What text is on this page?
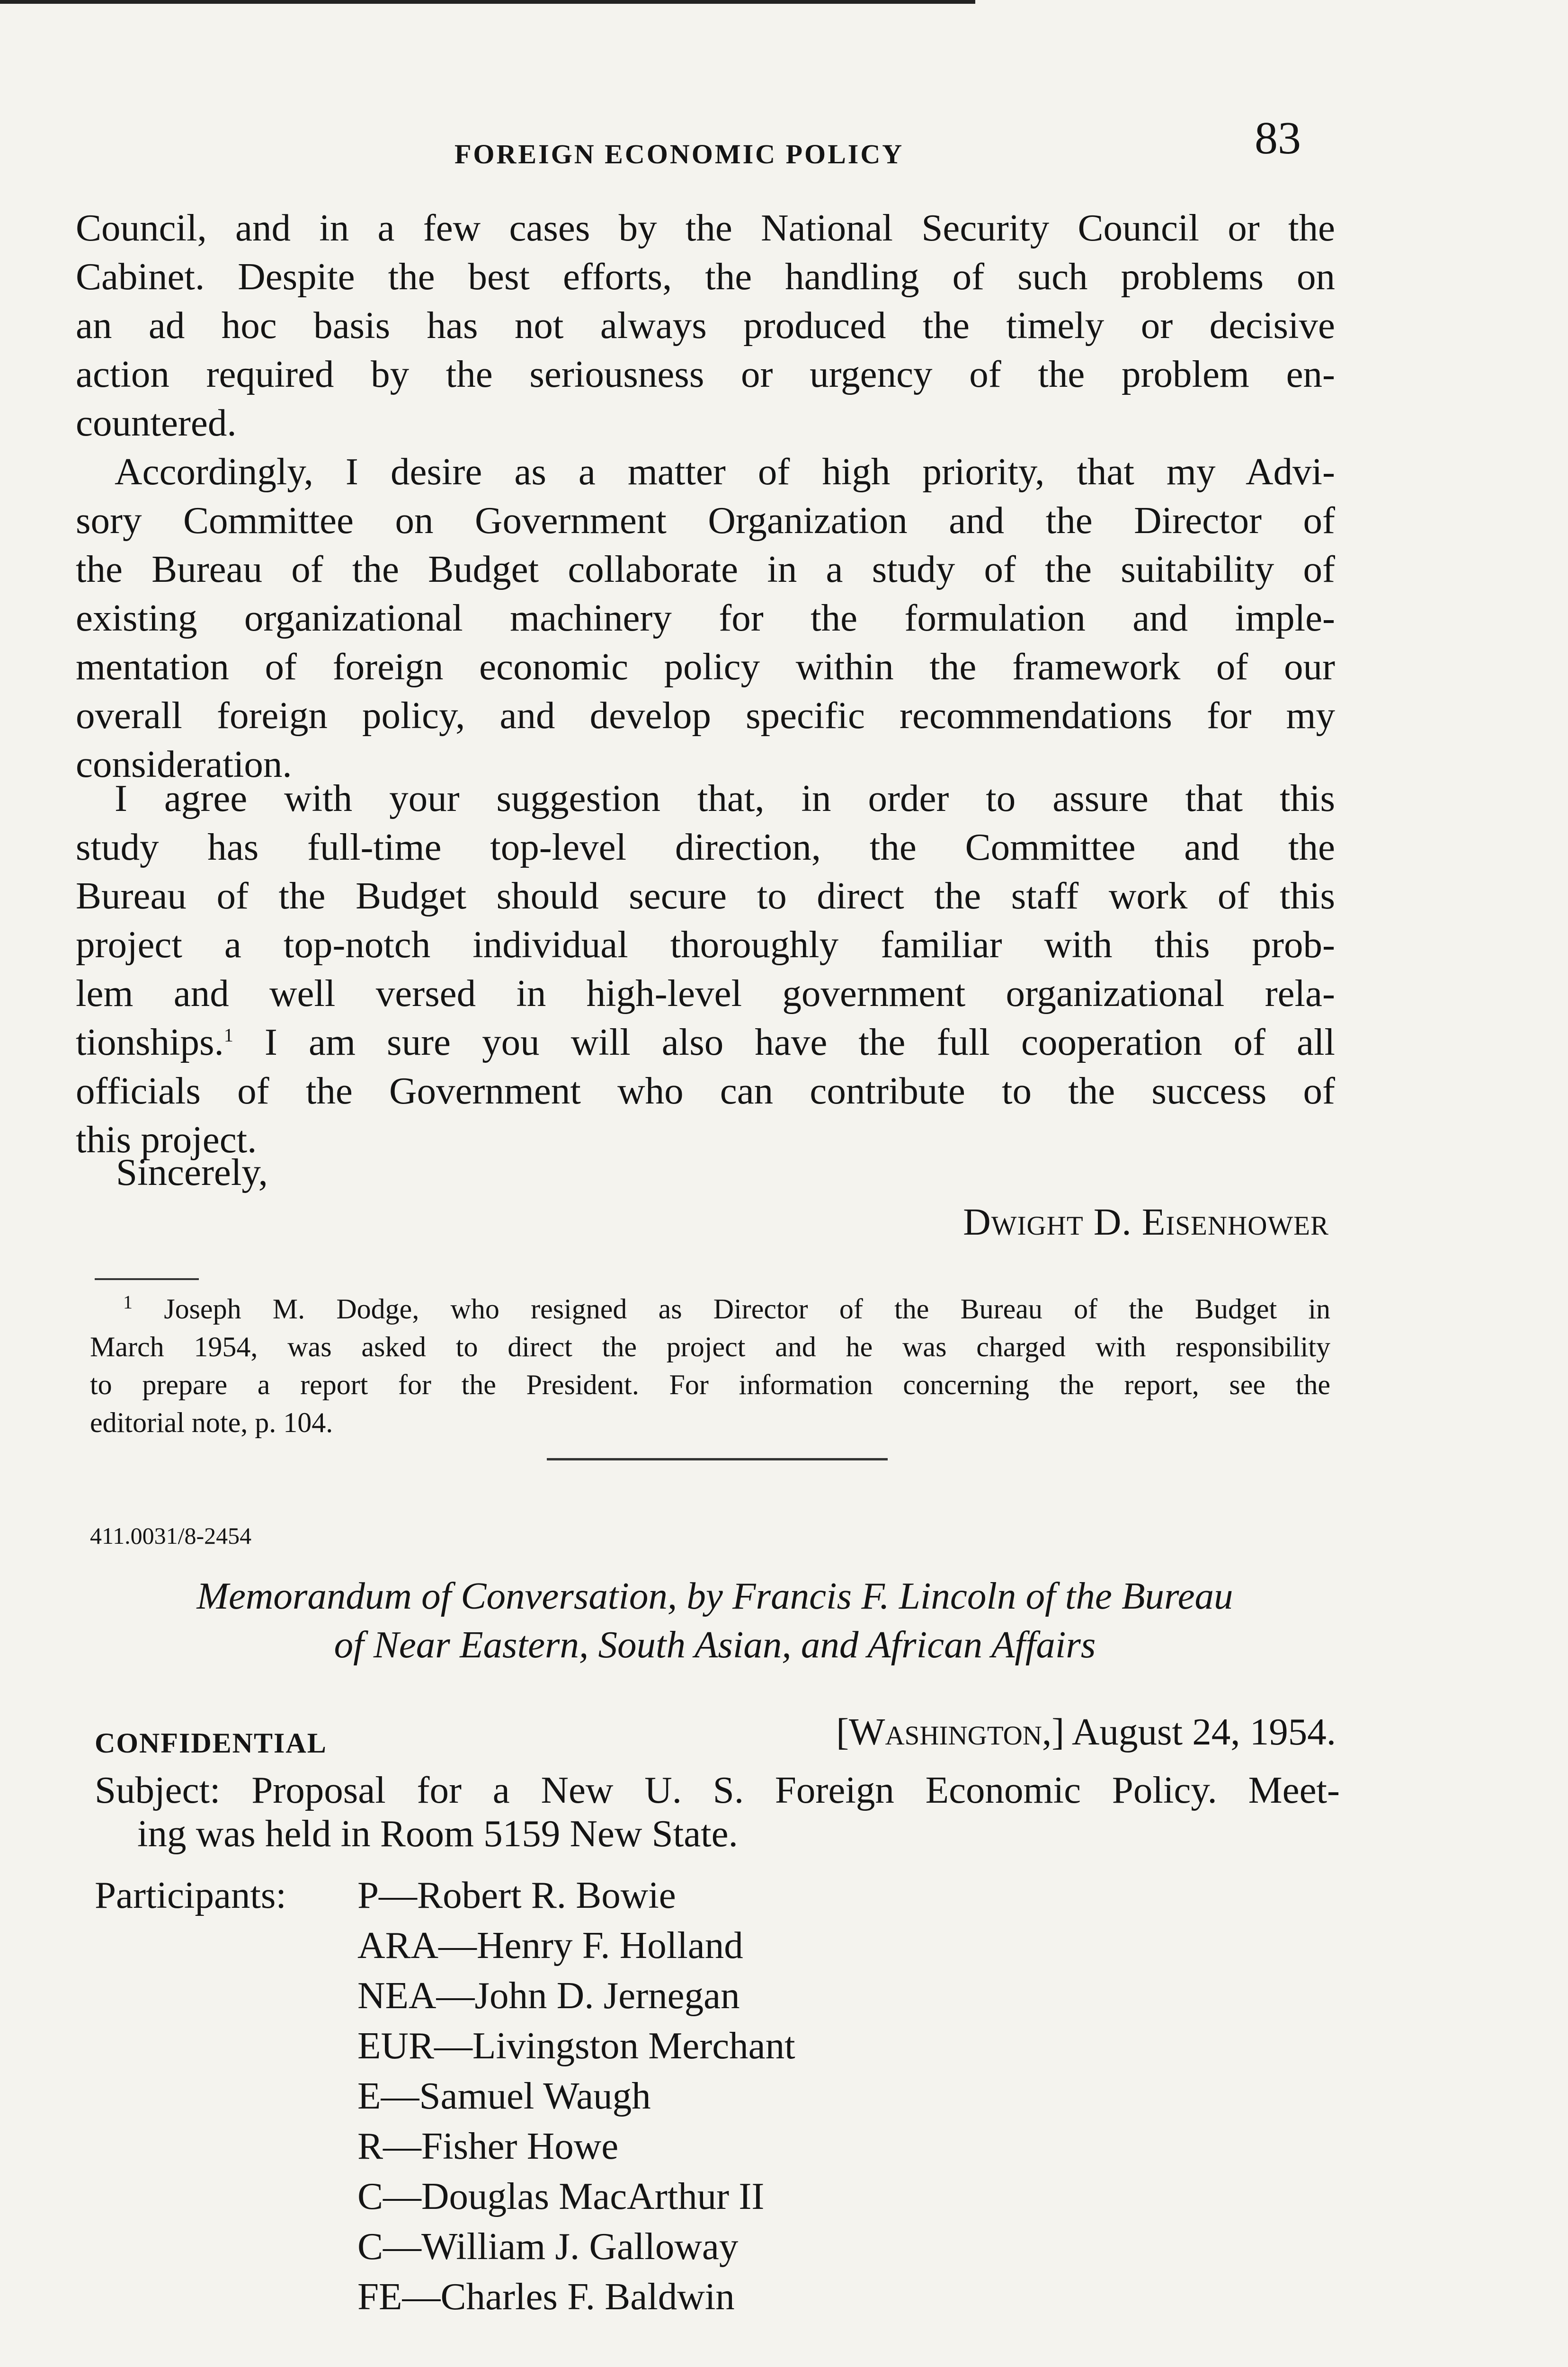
FOREIGN ECONOMIC POLICY	83
Council, and in a few cases by the National Security Council or the
Cabinet. Despite the best efforts, the handling of such problems on
an ad hoc basis has not always produced the timely or decisive
action required by the seriousness or urgency of the problem en-
countered.
Accordingly, I desire as a matter of high priority, that my Advi-
sory Committee on Government Organization and the Director of
the Bureau of the Budget collaborate in a study of the suitability of
existing organizational machinery for the formulation and imple-
mentation of foreign economic policy within the framework of our
overall foreign policy, and develop specific recommendations for my
consideration.
I agree with your suggestion that, in order to assure that this
study has full-time top-level direction, the Committee and the
Bureau of the Budget should secure to direct the staff work of this
project a top-notch individual thoroughly familiar with this prob-
lem and well versed in high-level government organizational rela-
tionships.$^1$ I am sure you will also have the full cooperation of all
officials of the Government who can contribute to the success of
this project.
Sincerely,
Dwight D. Eisenhower
$^1$ Joseph M. Dodge, who resigned as Director of the Bureau of the Budget in
March 1954, was asked to direct the project and he was charged with responsibility
to prepare a report for the President. For information concerning the report, see the
editorial note, p. 104.
411.0031/8-2454
Memorandum of Conversation, by Francis F. Lincoln of the Bureau
of Near Eastern, South Asian, and African Affairs
CONFIDENTIAL	[Washington,] August 24, 1954.
Subject: Proposal for a New U. S. Foreign Economic Policy. Meet-
ing was held in Room 5159 New State.
Participants: P—Robert R. Bowie
ARA—Henry F. Holland
NEA—John D. Jernegan
EUR—Livingston Merchant
E—Samuel Waugh
R—Fisher Howe
C—Douglas MacArthur II
C—William J. Galloway
FE—Charles F. Baldwin
